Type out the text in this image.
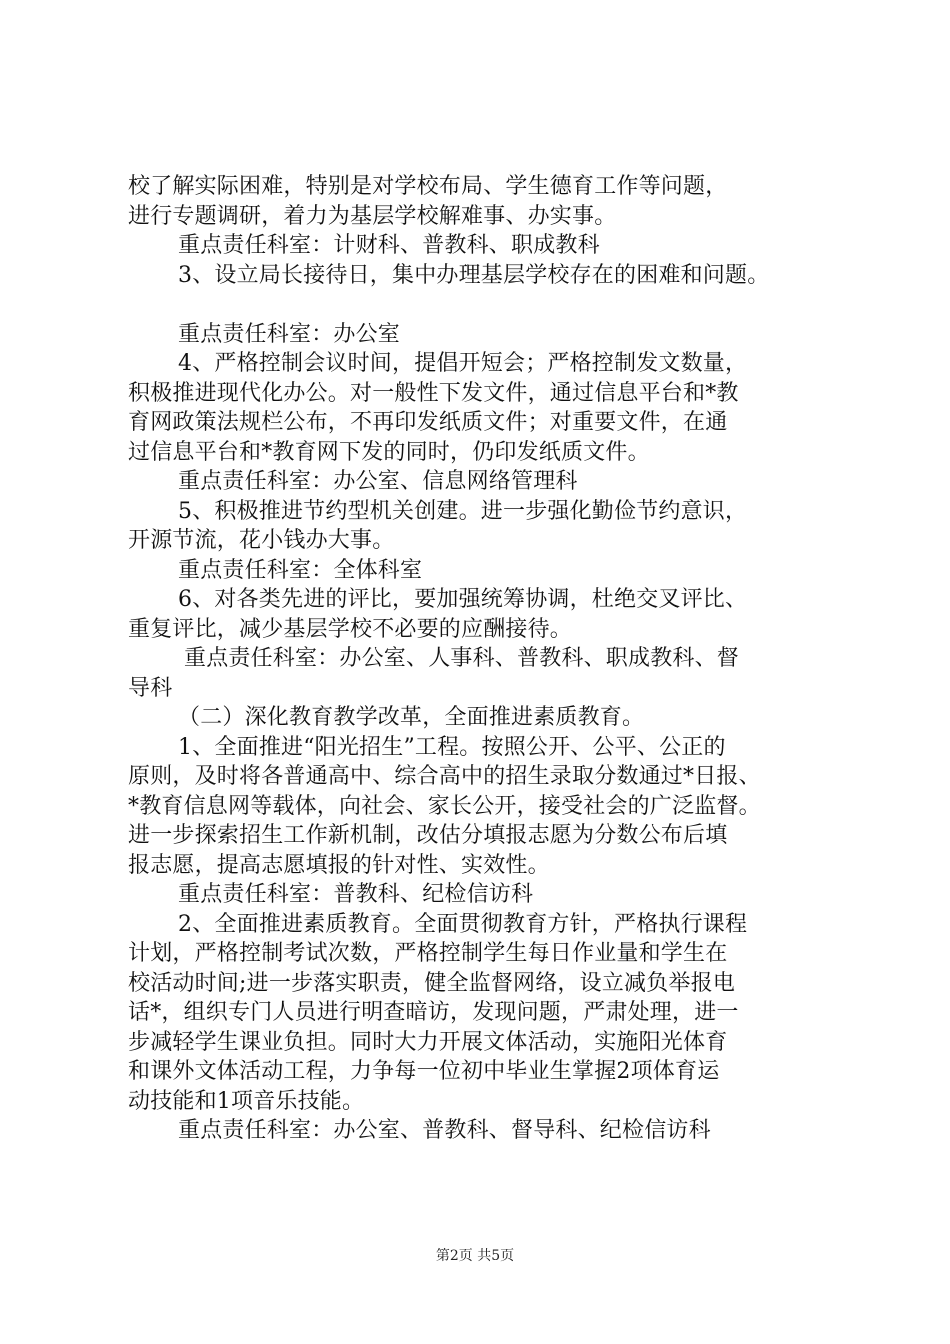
校了解实际困难，特别是对学校布局、学生德育工作等问题，
进行专题调研，着力为基层学校解难事、办实事。
重点责任科室：计财科、普教科、职成教科
3、设立局长接待日，集中办理基层学校存在的困难和问题。
重点责任科室：办公室
4、严格控制会议时间，提倡开短会；严格控制发文数量，
积极推进现代化办公。对一般性下发文件，通过信息平台和*教
育网政策法规栏公布，不再印发纸质文件；对重要文件，在通
过信息平台和*教育网下发的同时，仍印发纸质文件。
重点责任科室：办公室、信息网络管理科
5、积极推进节约型机关创建。进一步强化勤俭节约意识，
开源节流，花小钱办大事。
重点责任科室：全体科室
6、对各类先进的评比，要加强统筹协调，杜绝交叉评比、
重复评比，减少基层学校不必要的应酬接待。
重点责任科室：办公室、人事科、普教科、职成教科、督
导科
（二）深化教育教学改革，全面推进素质教育。
1、全面推进“阳光招生”工程。按照公开、公平、公正的
原则，及时将各普通高中、综合高中的招生录取分数通过*日报、
*教育信息网等载体，向社会、家长公开，接受社会的广泛监督。
进一步探索招生工作新机制，改估分填报志愿为分数公布后填
报志愿，提高志愿填报的针对性、实效性。
重点责任科室：普教科、纪检信访科
2、全面推进素质教育。全面贯彻教育方针，严格执行课程
计划，严格控制考试次数，严格控制学生每日作业量和学生在
校活动时间;进一步落实职责，健全监督网络，设立减负举报电
话*，组织专门人员进行明查暗访，发现问题，严肃处理，进一
步减轻学生课业负担。同时大力开展文体活动，实施阳光体育
和课外文体活动工程，力争每一位初中毕业生掌握2项体育运
动技能和1项音乐技能。
重点责任科室：办公室、普教科、督导科、纪检信访科
第2页 共5页
